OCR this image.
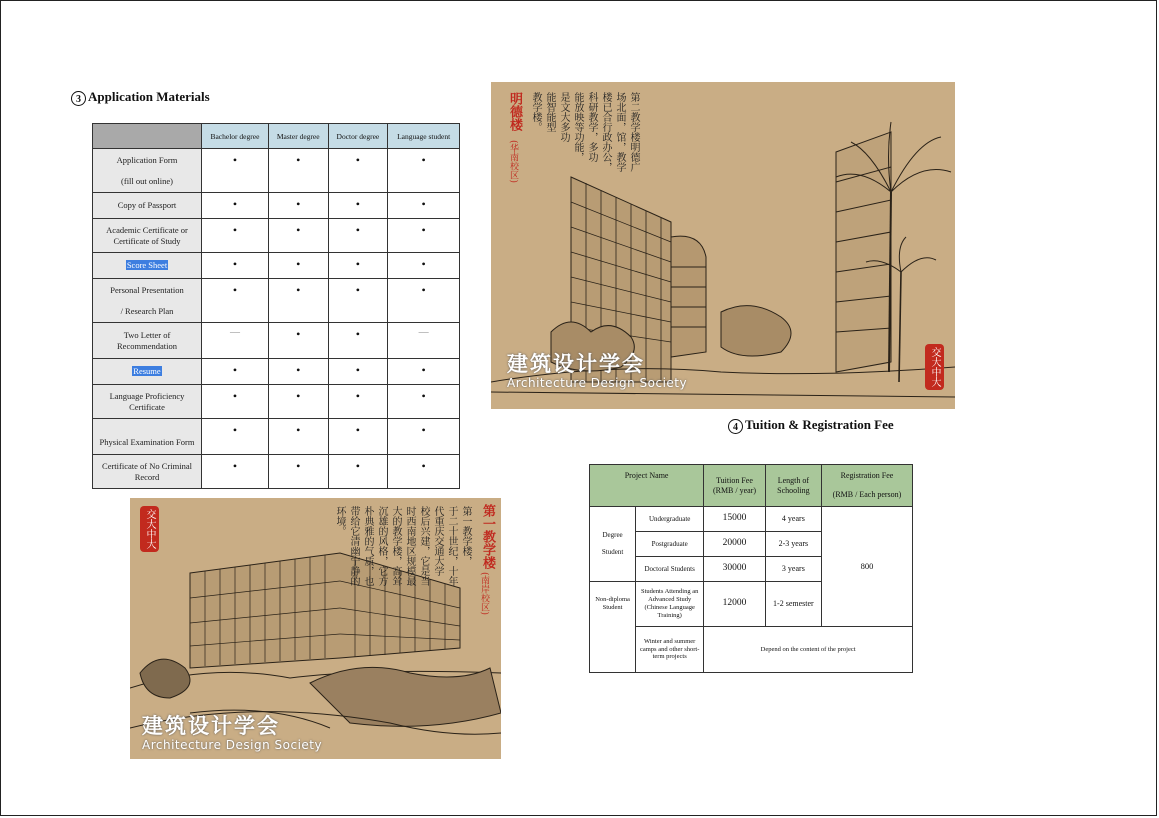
3 Application Materials
	Bachelor degree	Master degree	Doctor degree	Language student
Application Form

(fill out online)	•	•	•	•
Copy of Passport	•	•	•	•
Academic Certificate or
Certificate of Study	•	•	•	•
Score Sheet	•	•	•	•
Personal Presentation

/ Research Plan	•	•	•	•
Two Letter of
Recommendation	—	•	•	—
Resume	•	•	•	•
Language Proficiency
Certificate	•	•	•	•
Physical Examination Form	•	•	•	•
Certificate of No Criminal
Record	•	•	•	•
明德楼
(华南校区)	第二教学楼明德广
场北面，馆，教学
楼已合行政办公，
科研教学，多功
能放映等功能，
是文大多功
能智能型
教学楼。
交大中大
建筑设计学会
Architecture Design Society
4 Tuition & Registration Fee
第一教学楼
(南岸校区)
第一教学楼，
于二十世纪，十年
代重庆交通大学
校后兴建，它是当
时西南地区规模最
大的教学楼，高耸
沉雄的风格，它方
朴典雅的气质，也
带给它清幽宁静的
环境。
交大中大
建筑设计学会
Architecture Design Society
Project Name		Tuition Fee (RMB / year)	Length of Schooling	Registration Fee

(RMB / Each person)
Degree

Student	Undergraduate	15000	4 years	800
	Postgraduate	20000	2-3 years	
	Doctoral Students	30000	3 years	
Non-diploma
Student	Students Attending an Advanced Study (Chinese Language Training)	12000	1-2 semester	
	Winter and summer camps and other short-term projects	Depend on the content of the project		
